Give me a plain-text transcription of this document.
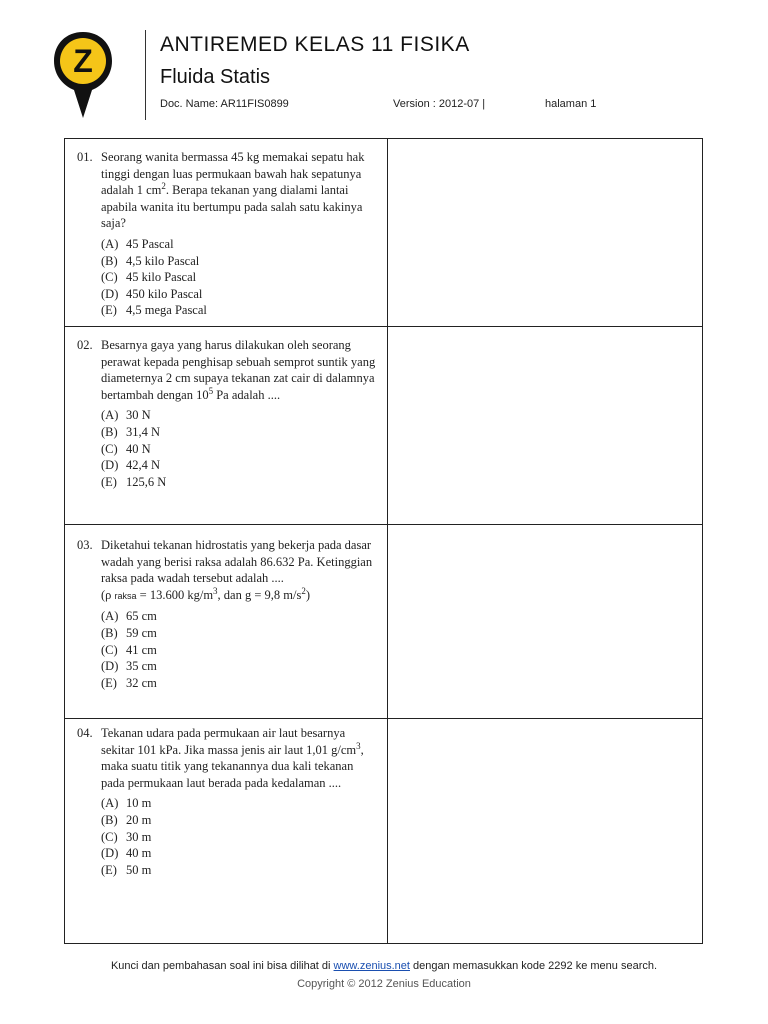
Z	ANTIREMED KELAS 11 FISIKA
Fluida Statis
Doc. Name: AR11FIS0899	Version : 2012-07 |	halaman 1
01. Seorang wanita bermassa 45 kg memakai sepatu hak tinggi dengan luas permukaan bawah hak sepatunya adalah 1 $cm^2$. Berapa tekanan yang dialami lantai apabila wanita itu bertumpu pada salah satu kakinya saja?
(A) 45 Pascal
(B) 4,5 kilo Pascal
(C) 45 kilo Pascal
(D) 450 kilo Pascal
(E) 4,5 mega Pascal
02. Besarnya gaya yang harus dilakukan oleh seorang perawat kepada penghisap sebuah semprot suntik yang diameternya 2 cm supaya tekanan zat cair di dalamnya bertambah dengan $10^5$ Pa adalah ....
(A) 30 N
(B) 31,4 N
(C) 40 N
(D) 42,4 N
(E) 125,6 N
03. Diketahui tekanan hidrostatis yang bekerja pada dasar wadah yang berisi raksa adalah 86.632 Pa. Ketinggian raksa pada wadah tersebut adalah ....
(ρ raksa = 13.600 $kg/m^3$, dan g = 9,8 $m/s^2$)
(A) 65 cm
(B) 59 cm
(C) 41 cm
(D) 35 cm
(E) 32 cm
04. Tekanan udara pada permukaan air laut besarnya sekitar 101 kPa. Jika massa jenis air laut 1,01 $g/cm^3$, maka suatu titik yang tekanannya dua kali tekanan pada permukaan laut berada pada kedalaman ....
(A) 10 m
(B) 20 m
(C) 30 m
(D) 40 m
(E) 50 m
Kunci dan pembahasan soal ini bisa dilihat di www.zenius.net dengan memasukkan kode 2292 ke menu search.
Copyright © 2012 Zenius Education
